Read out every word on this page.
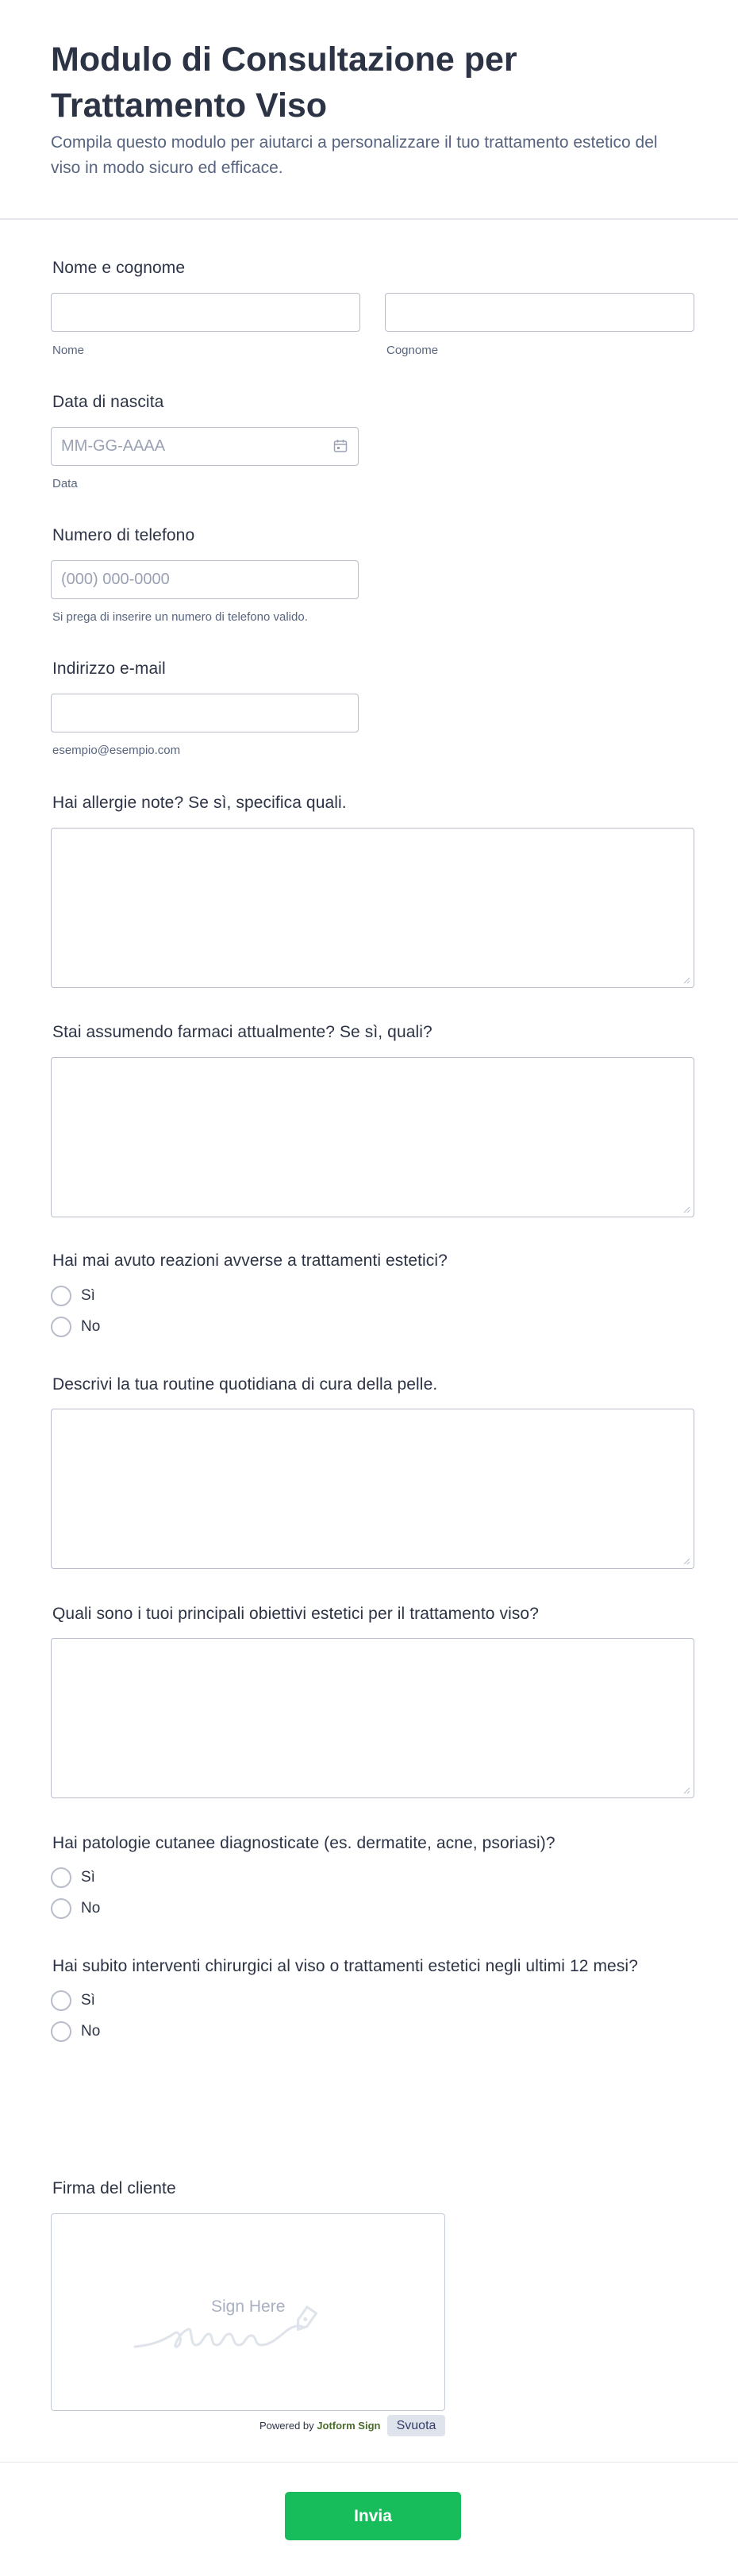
Modulo di Consultazione per Trattamento Viso

Compila questo modulo per aiutarci a personalizzare il tuo trattamento estetico del viso in modo sicuro ed efficace.

Nome e cognome
Nome	Cognome
Data di nascita
MM-GG-AAAA
Data
Numero di telefono
(000) 000-0000
Si prega di inserire un numero di telefono valido.
Indirizzo e-mail
esempio@esempio.com
Hai allergie note? Se sì, specifica quali.
Stai assumendo farmaci attualmente? Se sì, quali?
Hai mai avuto reazioni avverse a trattamenti estetici?
Sì
No
Descrivi la tua routine quotidiana di cura della pelle.
Quali sono i tuoi principali obiettivi estetici per il trattamento viso?
Hai patologie cutanee diagnosticate (es. dermatite, acne, psoriasi)?
Sì
No
Hai subito interventi chirurgici al viso o trattamenti estetici negli ultimi 12 mesi?
Sì
No
Firma del cliente
Sign Here
Powered by Jotform Sign	Svuota
Invia
